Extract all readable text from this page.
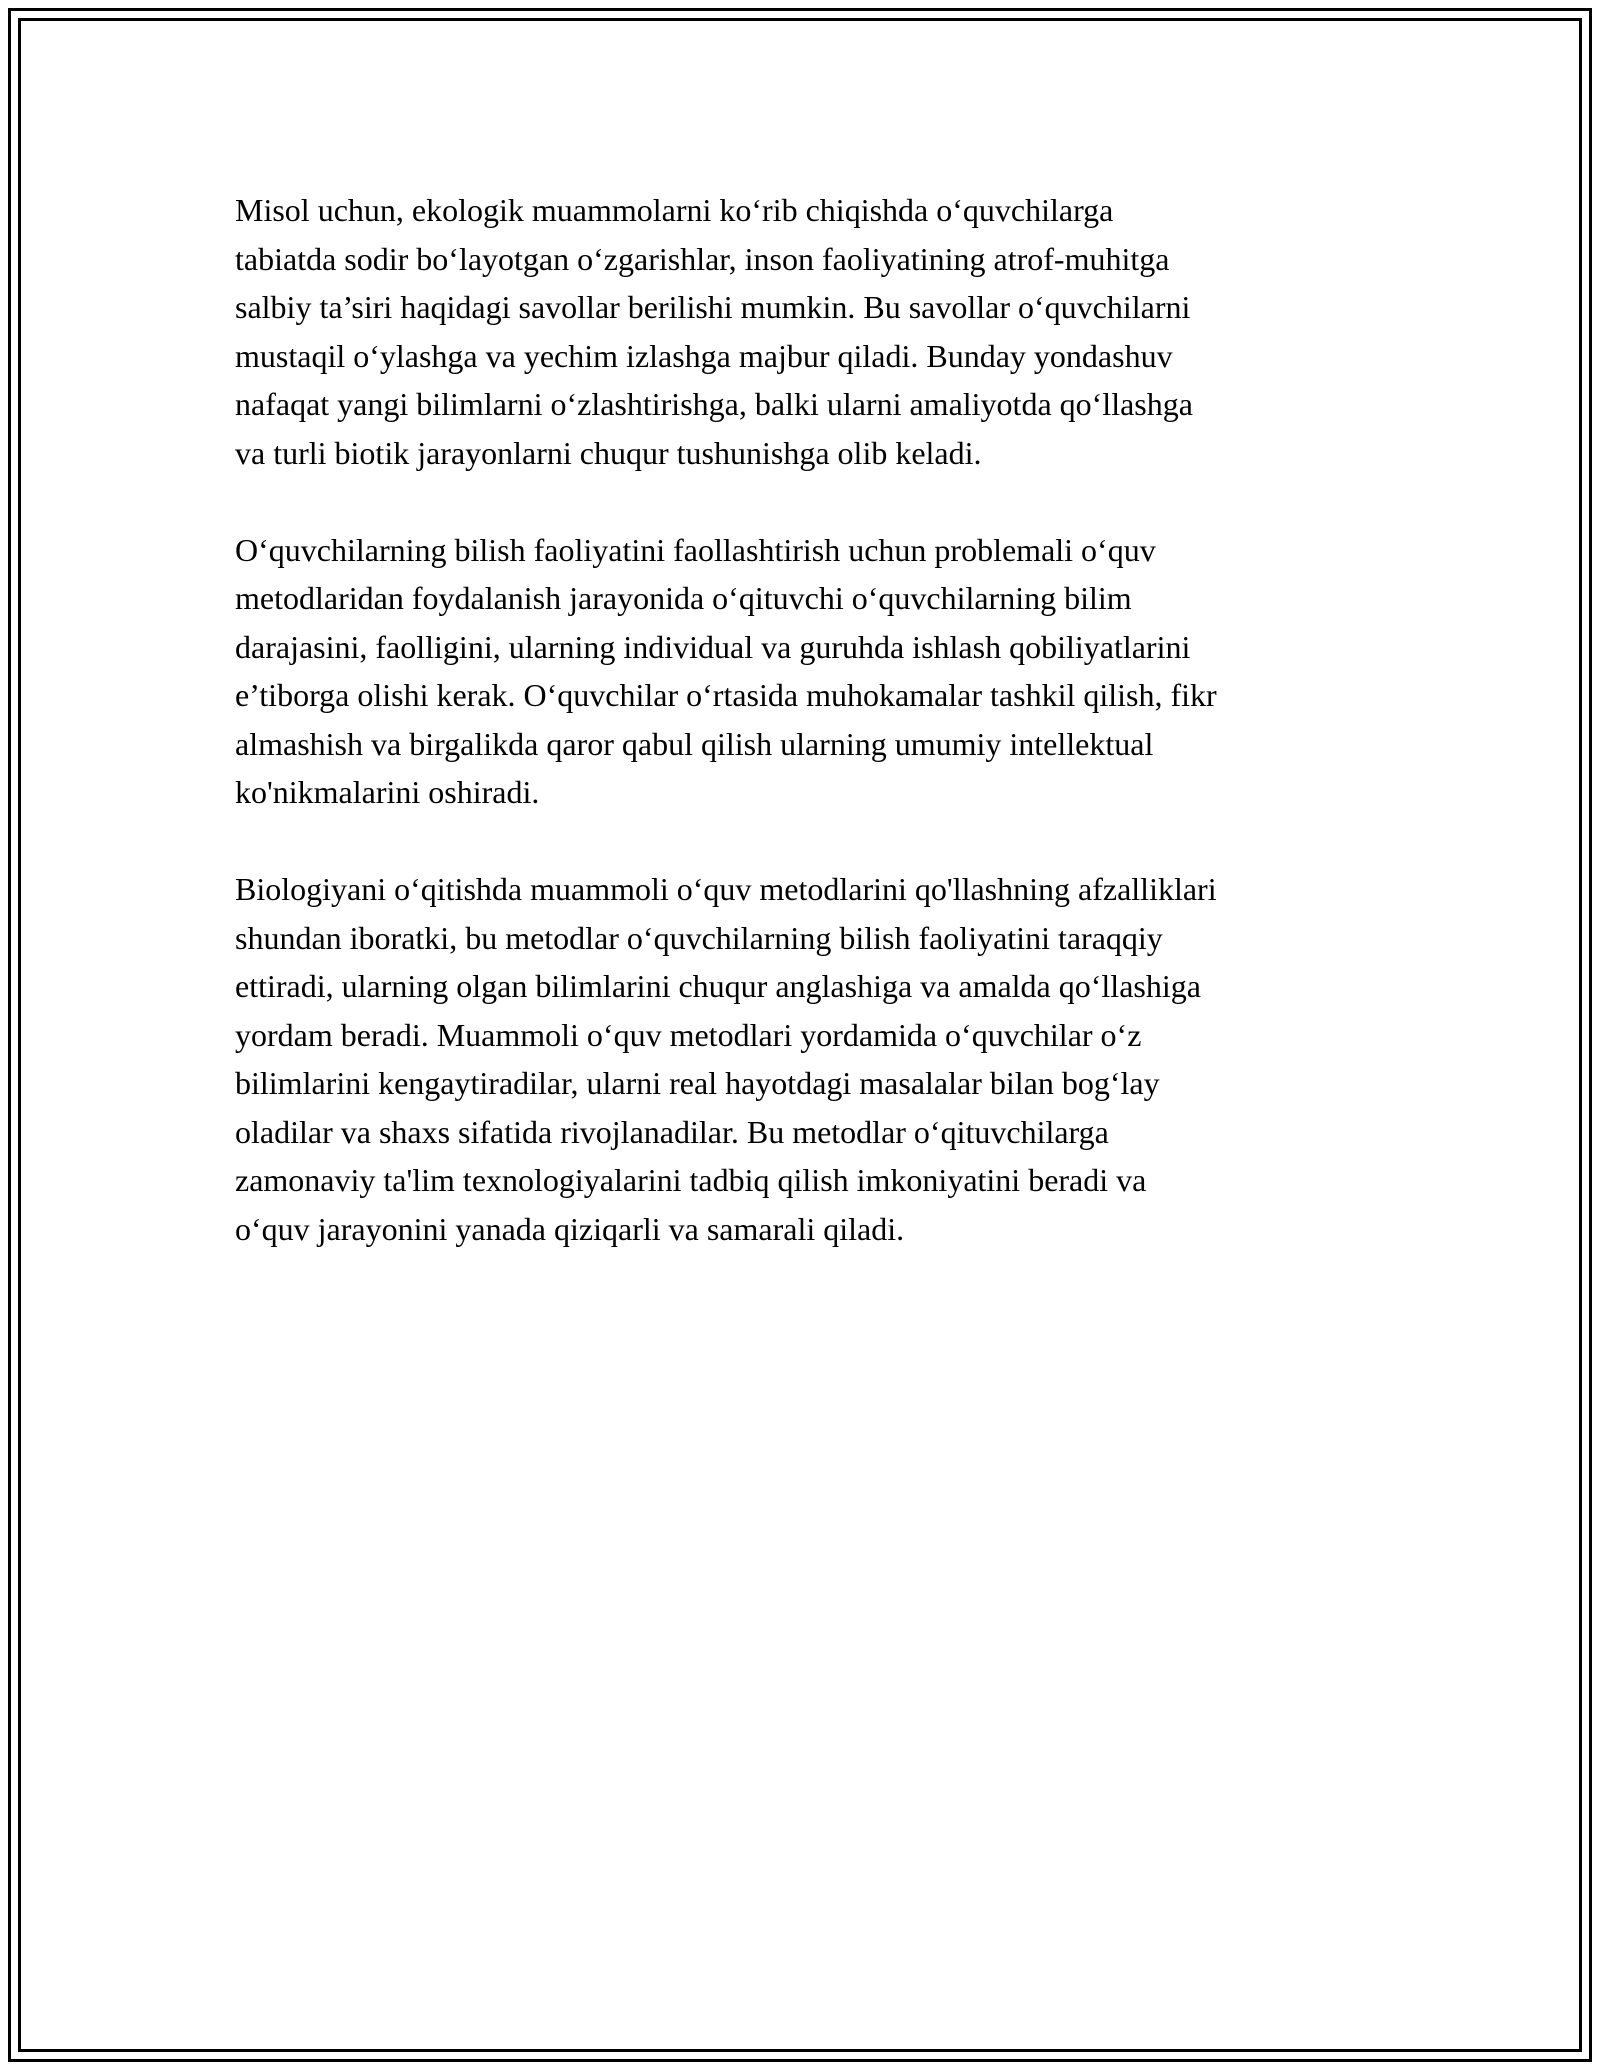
Misol uchun, ekologik muammolarni koʻrib chiqishda oʻquvchilarga
tabiatda sodir boʻlayotgan oʻzgarishlar, inson faoliyatining atrof-muhitga
salbiy ta’siri haqidagi savollar berilishi mumkin. Bu savollar oʻquvchilarni
mustaqil oʻylashga va yechim izlashga majbur qiladi. Bunday yondashuv
nafaqat yangi bilimlarni oʻzlashtirishga, balki ularni amaliyotda qoʻllashga
va turli biotik jarayonlarni chuqur tushunishga olib keladi.

Oʻquvchilarning bilish faoliyatini faollashtirish uchun problemali oʻquv
metodlaridan foydalanish jarayonida oʻqituvchi oʻquvchilarning bilim
darajasini, faolligini, ularning individual va guruhda ishlash qobiliyatlarini
e’tiborga olishi kerak. Oʻquvchilar oʻrtasida muhokamalar tashkil qilish, fikr
almashish va birgalikda qaror qabul qilish ularning umumiy intellektual
ko'nikmalarini oshiradi.

Biologiyani oʻqitishda muammoli oʻquv metodlarini qo'llashning afzalliklari
shundan iboratki, bu metodlar oʻquvchilarning bilish faoliyatini taraqqiy
ettiradi, ularning olgan bilimlarini chuqur anglashiga va amalda qoʻllashiga
yordam beradi. Muammoli oʻquv metodlari yordamida oʻquvchilar oʻz
bilimlarini kengaytiradilar, ularni real hayotdagi masalalar bilan bogʻlay
oladilar va shaxs sifatida rivojlanadilar. Bu metodlar oʻqituvchilarga
zamonaviy ta'lim texnologiyalarini tadbiq qilish imkoniyatini beradi va
oʻquv jarayonini yanada qiziqarli va samarali qiladi.
